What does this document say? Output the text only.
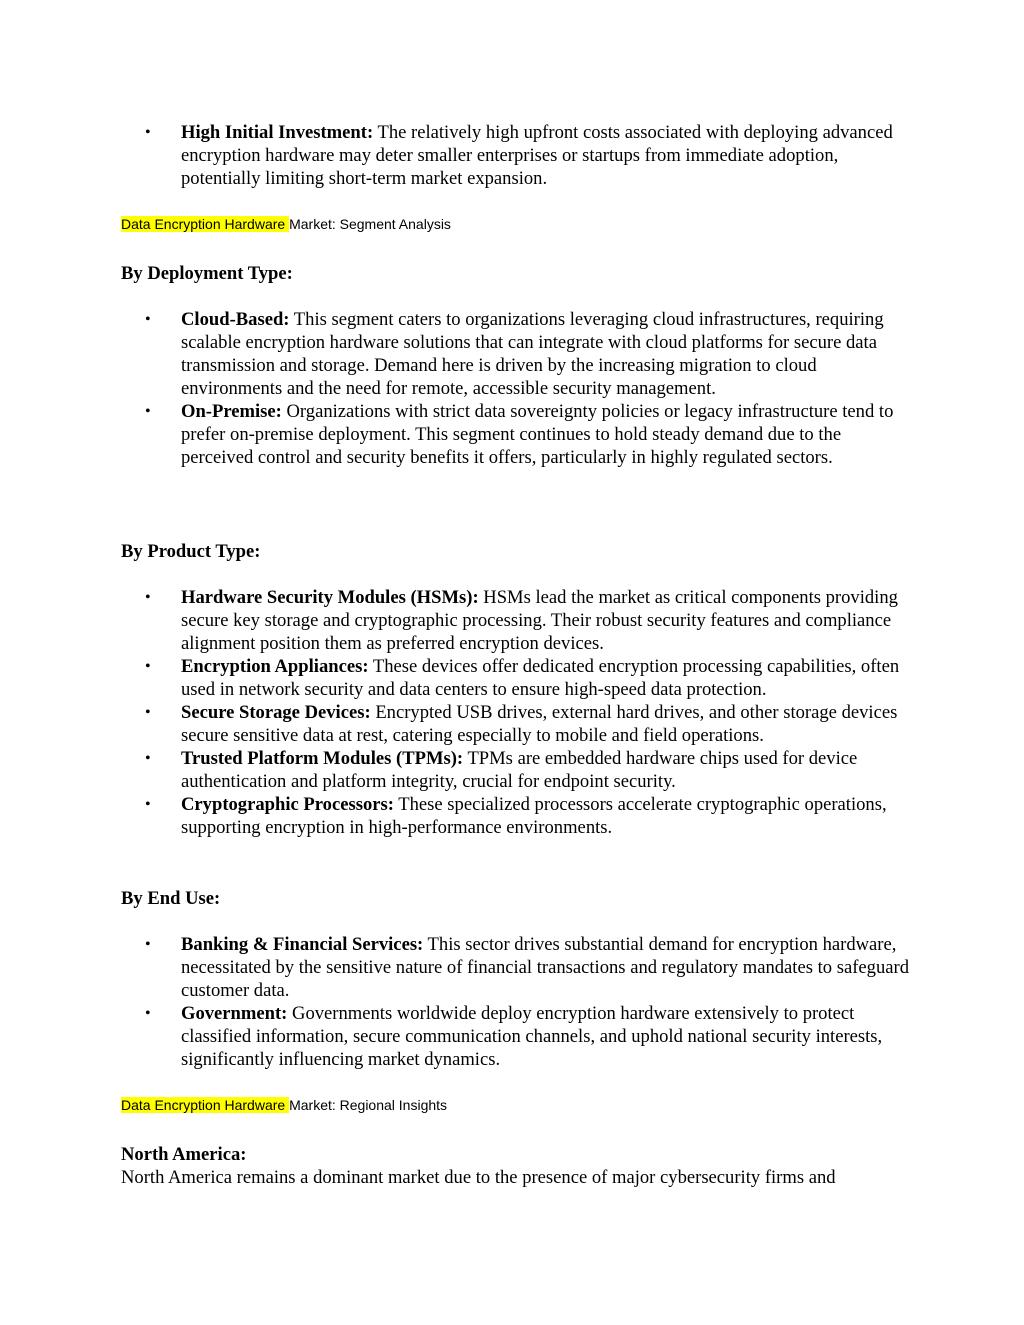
•	High Initial Investment: The relatively high upfront costs associated with deploying advanced encryption hardware may deter smaller enterprises or startups from immediate adoption, potentially limiting short-term market expansion.
Data Encryption Hardware Market: Segment Analysis
By Deployment Type:
•	Cloud-Based: This segment caters to organizations leveraging cloud infrastructures, requiring scalable encryption hardware solutions that can integrate with cloud platforms for secure data transmission and storage. Demand here is driven by the increasing migration to cloud environments and the need for remote, accessible security management.
•	On-Premise: Organizations with strict data sovereignty policies or legacy infrastructure tend to prefer on-premise deployment. This segment continues to hold steady demand due to the perceived control and security benefits it offers, particularly in highly regulated sectors.
By Product Type:
•	Hardware Security Modules (HSMs): HSMs lead the market as critical components providing secure key storage and cryptographic processing. Their robust security features and compliance alignment position them as preferred encryption devices.
•	Encryption Appliances: These devices offer dedicated encryption processing capabilities, often used in network security and data centers to ensure high-speed data protection.
•	Secure Storage Devices: Encrypted USB drives, external hard drives, and other storage devices secure sensitive data at rest, catering especially to mobile and field operations.
•	Trusted Platform Modules (TPMs): TPMs are embedded hardware chips used for device authentication and platform integrity, crucial for endpoint security.
•	Cryptographic Processors: These specialized processors accelerate cryptographic operations, supporting encryption in high-performance environments.
By End Use:
•	Banking & Financial Services: This sector drives substantial demand for encryption hardware, necessitated by the sensitive nature of financial transactions and regulatory mandates to safeguard customer data.
•	Government: Governments worldwide deploy encryption hardware extensively to protect classified information, secure communication channels, and uphold national security interests, significantly influencing market dynamics.
Data Encryption Hardware Market: Regional Insights
North America:

North America remains a dominant market due to the presence of major cybersecurity firms and
